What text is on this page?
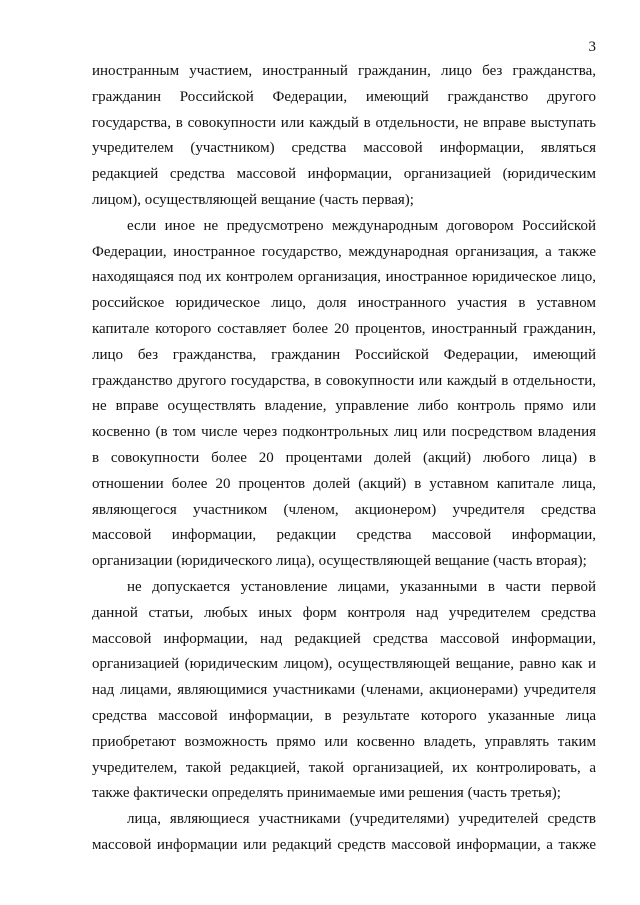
3
иностранным участием, иностранный гражданин, лицо без гражданства,
гражданин Российской Федерации, имеющий гражданство другого
государства, в совокупности или каждый в отдельности, не вправе выступать
учредителем (участником) средства массовой информации, являться
редакцией средства массовой информации, организацией (юридическим
лицом), осуществляющей вещание (часть первая);
если иное не предусмотрено международным договором Российской
Федерации, иностранное государство, международная организация, а также
находящаяся под их контролем организация, иностранное юридическое лицо,
российское юридическое лицо, доля иностранного участия в уставном
капитале которого составляет более 20 процентов, иностранный гражданин,
лицо без гражданства, гражданин Российской Федерации, имеющий
гражданство другого государства, в совокупности или каждый в отдельности,
не вправе осуществлять владение, управление либо контроль прямо или
косвенно (в том числе через подконтрольных лиц или посредством владения
в совокупности более 20 процентами долей (акций) любого лица) в
отношении более 20 процентов долей (акций) в уставном капитале лица,
являющегося участником (членом, акционером) учредителя средства
массовой информации, редакции средства массовой информации,
организации (юридического лица), осуществляющей вещание (часть вторая);
не допускается установление лицами, указанными в части первой
данной статьи, любых иных форм контроля над учредителем средства
массовой информации, над редакцией средства массовой информации,
организацией (юридическим лицом), осуществляющей вещание, равно как и
над лицами, являющимися участниками (членами, акционерами) учредителя
средства массовой информации, в результате которого указанные лица
приобретают возможность прямо или косвенно владеть, управлять таким
учредителем, такой редакцией, такой организацией, их контролировать, а
также фактически определять принимаемые ими решения (часть третья);
лица, являющиеся участниками (учредителями) учредителей средств
массовой информации или редакций средств массовой информации, а также
